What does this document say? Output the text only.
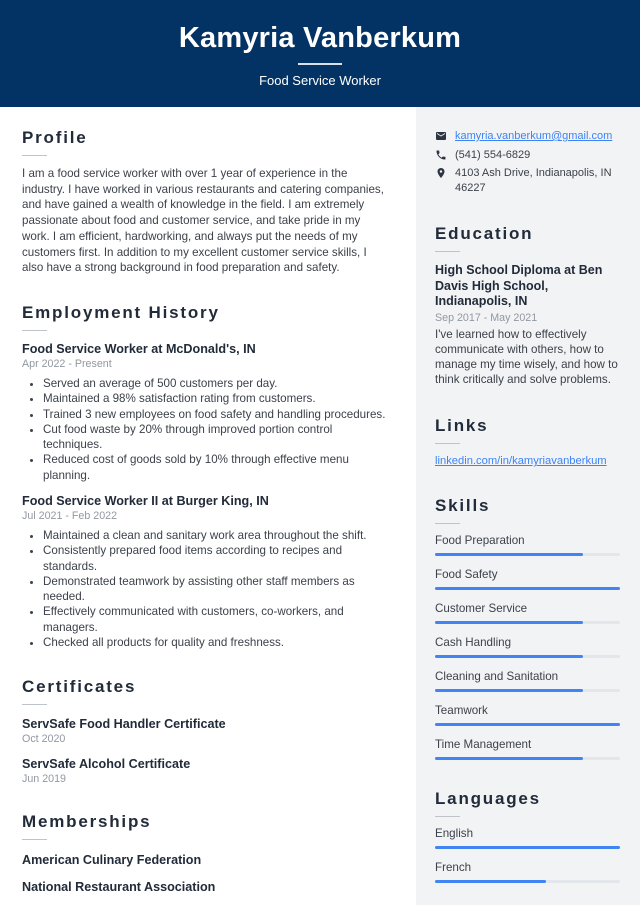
Kamyria Vanberkum
Food Service Worker
Profile

I am a food service worker with over 1 year of experience in the industry. I have worked in various restaurants and catering companies, and have gained a wealth of knowledge in the field. I am extremely passionate about food and customer service, and take pride in my work. I am efficient, hardworking, and always put the needs of my customers first. In addition to my excellent customer service skills, I also have a strong background in food preparation and safety.

Employment History
Food Service Worker at McDonald's, IN
Apr 2022 - Present
• Served an average of 500 customers per day.
• Maintained a 98% satisfaction rating from customers.
• Trained 3 new employees on food safety and handling procedures.
• Cut food waste by 20% through improved portion control techniques.
• Reduced cost of goods sold by 10% through effective menu planning.
Food Service Worker II at Burger King, IN
Jul 2021 - Feb 2022
• Maintained a clean and sanitary work area throughout the shift.
• Consistently prepared food items according to recipes and standards.
• Demonstrated teamwork by assisting other staff members as needed.
• Effectively communicated with customers, co-workers, and managers.
• Checked all products for quality and freshness.
Certificates
ServSafe Food Handler Certificate
Oct 2020
ServSafe Alcohol Certificate
Jun 2019
Memberships
American Culinary Federation
National Restaurant Association
kamyria.vanberkum@gmail.com
(541) 554-6829
4103 Ash Drive, Indianapolis, IN 46227
Education
High School Diploma at Ben Davis High School, Indianapolis, IN
Sep 2017 - May 2021
I've learned how to effectively communicate with others, how to manage my time wisely, and how to think critically and solve problems.
Links
linkedin.com/in/kamyriavanberkum
Skills
Food Preparation
Food Safety
Customer Service
Cash Handling
Cleaning and Sanitation
Teamwork
Time Management
Languages
English
French
